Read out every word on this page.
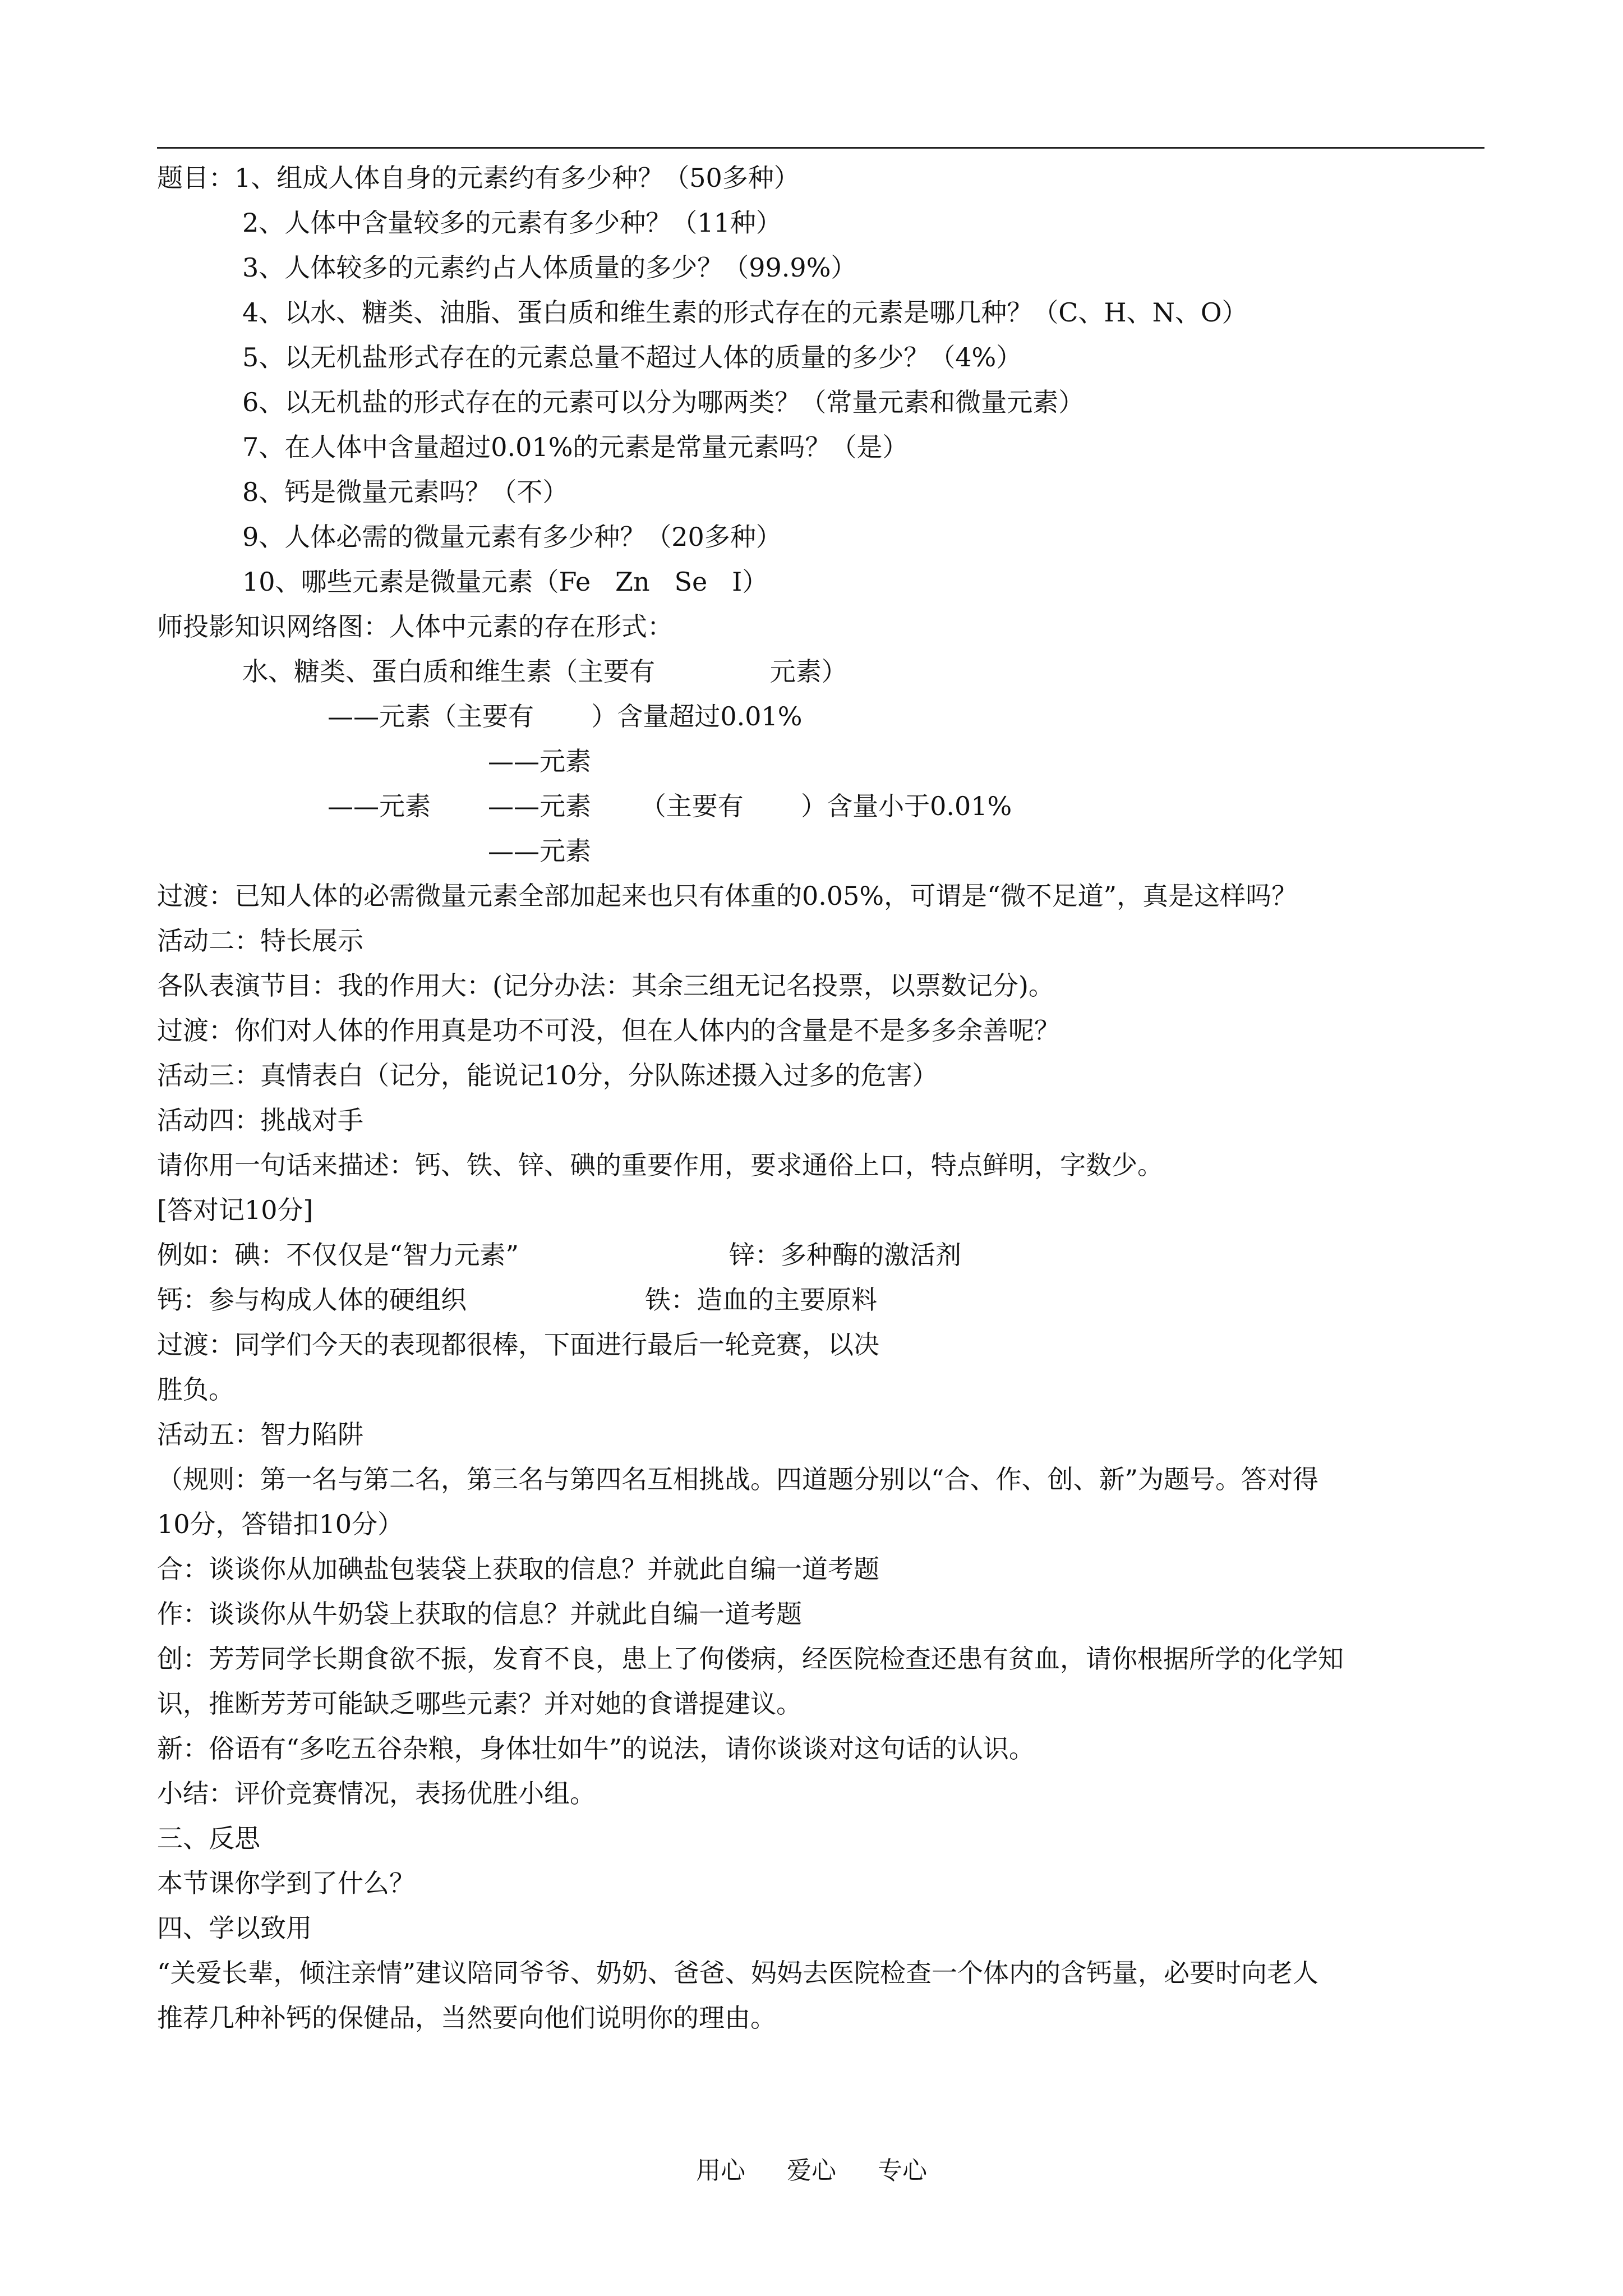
题目：1、组成人体自身的元素约有多少种？（50多种）
2、人体中含量较多的元素有多少种？（11种）
3、人体较多的元素约占人体质量的多少？（99.9%）
4、以水、糖类、油脂、蛋白质和维生素的形式存在的元素是哪几种？（C、H、N、O）
5、以无机盐形式存在的元素总量不超过人体的质量的多少？（4%）
6、以无机盐的形式存在的元素可以分为哪两类？（常量元素和微量元素）
7、在人体中含量超过0.01%的元素是常量元素吗？（是）
8、钙是微量元素吗？（不）
9、人体必需的微量元素有多少种？（20多种）
10、哪些元素是微量元素（Fe   Zn   Se   I）
师投影知识网络图：人体中元素的存在形式：
水、糖类、蛋白质和维生素（主要有              元素）
——元素（主要有       ）含量超过0.01%
——元素
——元素 ——元素      （主要有       ）含量小于0.01%
——元素
过渡：已知人体的必需微量元素全部加起来也只有体重的0.05%，可谓是“微不足道”，真是这样吗？
活动二：特长展示
各队表演节目：我的作用大：(记分办法：其余三组无记名投票，以票数记分)。
过渡：你们对人体的作用真是功不可没，但在人体内的含量是不是多多余善呢？
活动三：真情表白（记分，能说记10分，分队陈述摄入过多的危害）
活动四：挑战对手
请你用一句话来描述：钙、铁、锌、碘的重要作用，要求通俗上口，特点鲜明，字数少。
[答对记10分]
例如：碘：不仅仅是“智力元素”	锌：多种酶的激活剂
钙：参与构成人体的硬组织	铁：造血的主要原料
过渡：同学们今天的表现都很棒，下面进行最后一轮竞赛，以决
胜负。
活动五：智力陷阱
（规则：第一名与第二名，第三名与第四名互相挑战。四道题分别以“合、作、创、新”为题号。答对得
10分，答错扣10分）
合：谈谈你从加碘盐包装袋上获取的信息？并就此自编一道考题
作：谈谈你从牛奶袋上获取的信息？并就此自编一道考题
创：芳芳同学长期食欲不振，发育不良，患上了佝偻病，经医院检查还患有贫血，请你根据所学的化学知
识，推断芳芳可能缺乏哪些元素？并对她的食谱提建议。
新：俗语有“多吃五谷杂粮，身体壮如牛”的说法，请你谈谈对这句话的认识。
小结：评价竞赛情况，表扬优胜小组。
三、反思
本节课你学到了什么？
四、学以致用
“关爱长辈，倾注亲情”建议陪同爷爷、奶奶、爸爸、妈妈去医院检查一个体内的含钙量，必要时向老人
推荐几种补钙的保健品，当然要向他们说明你的理由。
用心 爱心 专心
